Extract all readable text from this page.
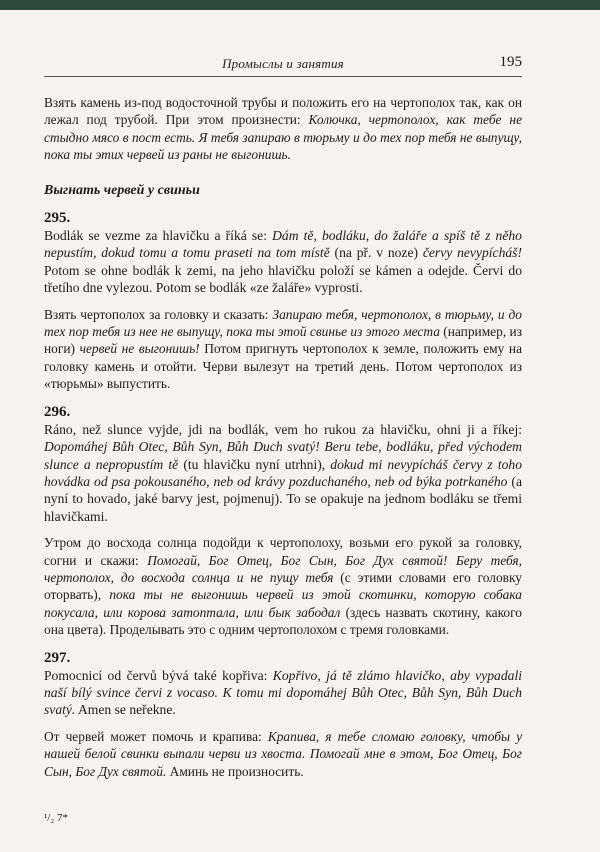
Промыслы и занятия	195

Взять камень из-под водосточной трубы и положить его на чертополох так, как он лежал под трубой. При этом произнести: Колючка, чертополох, как тебе не стыдно мясо в пост есть. Я тебя запираю в тюрьму и до тех пор тебя не выпущу, пока ты этих червей из раны не выгонишь.

Выгнать червей у свиньи
295.

Bodlák se vezme za hlavičku a říká se: Dám tě, bodláku, do žaláře a spíš tě z něho nepustím, dokud tomu a tomu praseti na tom místě (na př. v noze) červy nevypícháš! Potom se ohne bodlák k zemi, na jeho hlavičku položí se kámen a odejde. Červi do třetího dne vylezou. Potom se bodlák «ze žaláře» vyprosti.

Взять чертополох за головку и сказать: Запираю тебя, чертополох, в тюрьму, и до тех пор тебя из нее не выпущу, пока ты этой свинье из этого места (например, из ноги) червей не выгонишь! Потом пригнуть чертополох к земле, положить ему на головку камень и отойти. Черви вылезут на третий день. Потом чертополох из «тюрьмы» выпустить.

296.

Ráno, než slunce vyjde, jdi na bodlák, vem ho rukou za hlavičku, ohni ji a říkej: Dopomáhej Bůh Otec, Bůh Syn, Bůh Duch svatý! Beru tebe, bodláku, před východem slunce a nepropustím tě (tu hlavičku nyní utrhni), dokud mi nevypícháš červy z toho hovádka od psa pokousaného, neb od krávy pozduchaného, neb od býka potrkaného (a nyní to hovado, jaké barvy jest, pojmenuj). To se opakuje na jednom bodláku se třemi hlavičkami.

Утром до восхода солнца подойди к чертополоху, возьми его рукой за головку, согни и скажи: Помогай, Бог Отец, Бог Сын, Бог Дух святой! Беру тебя, чертополох, до восхода солнца и не пущу тебя (с этими словами его головку оторвать), пока ты не выгонишь червей из этой скотинки, которую собака покусала, или корова затоптала, или бык забодал (здесь назвать скотину, какого она цвета). Проделывать это с одним чертополохом с тремя головками.

297.

Pomocnicí od červů bývá také kopřiva: Kopřivo, já tě zlámo hlavičko, aby vypadali naší bílý svince červi z vocaso. K tomu mi dopomáhej Bůh Otec, Bůh Syn, Bůh Duch svatý. Amen se neřekne.

От червей может помочь и крапива: Крапива, я тебе сломаю головку, чтобы у нашей белой свинки выпали черви из хвоста. Помогай мне в этом, Бог Отец, Бог Сын, Бог Дух святой. Аминь не произносить.

¹/₂ 7*
